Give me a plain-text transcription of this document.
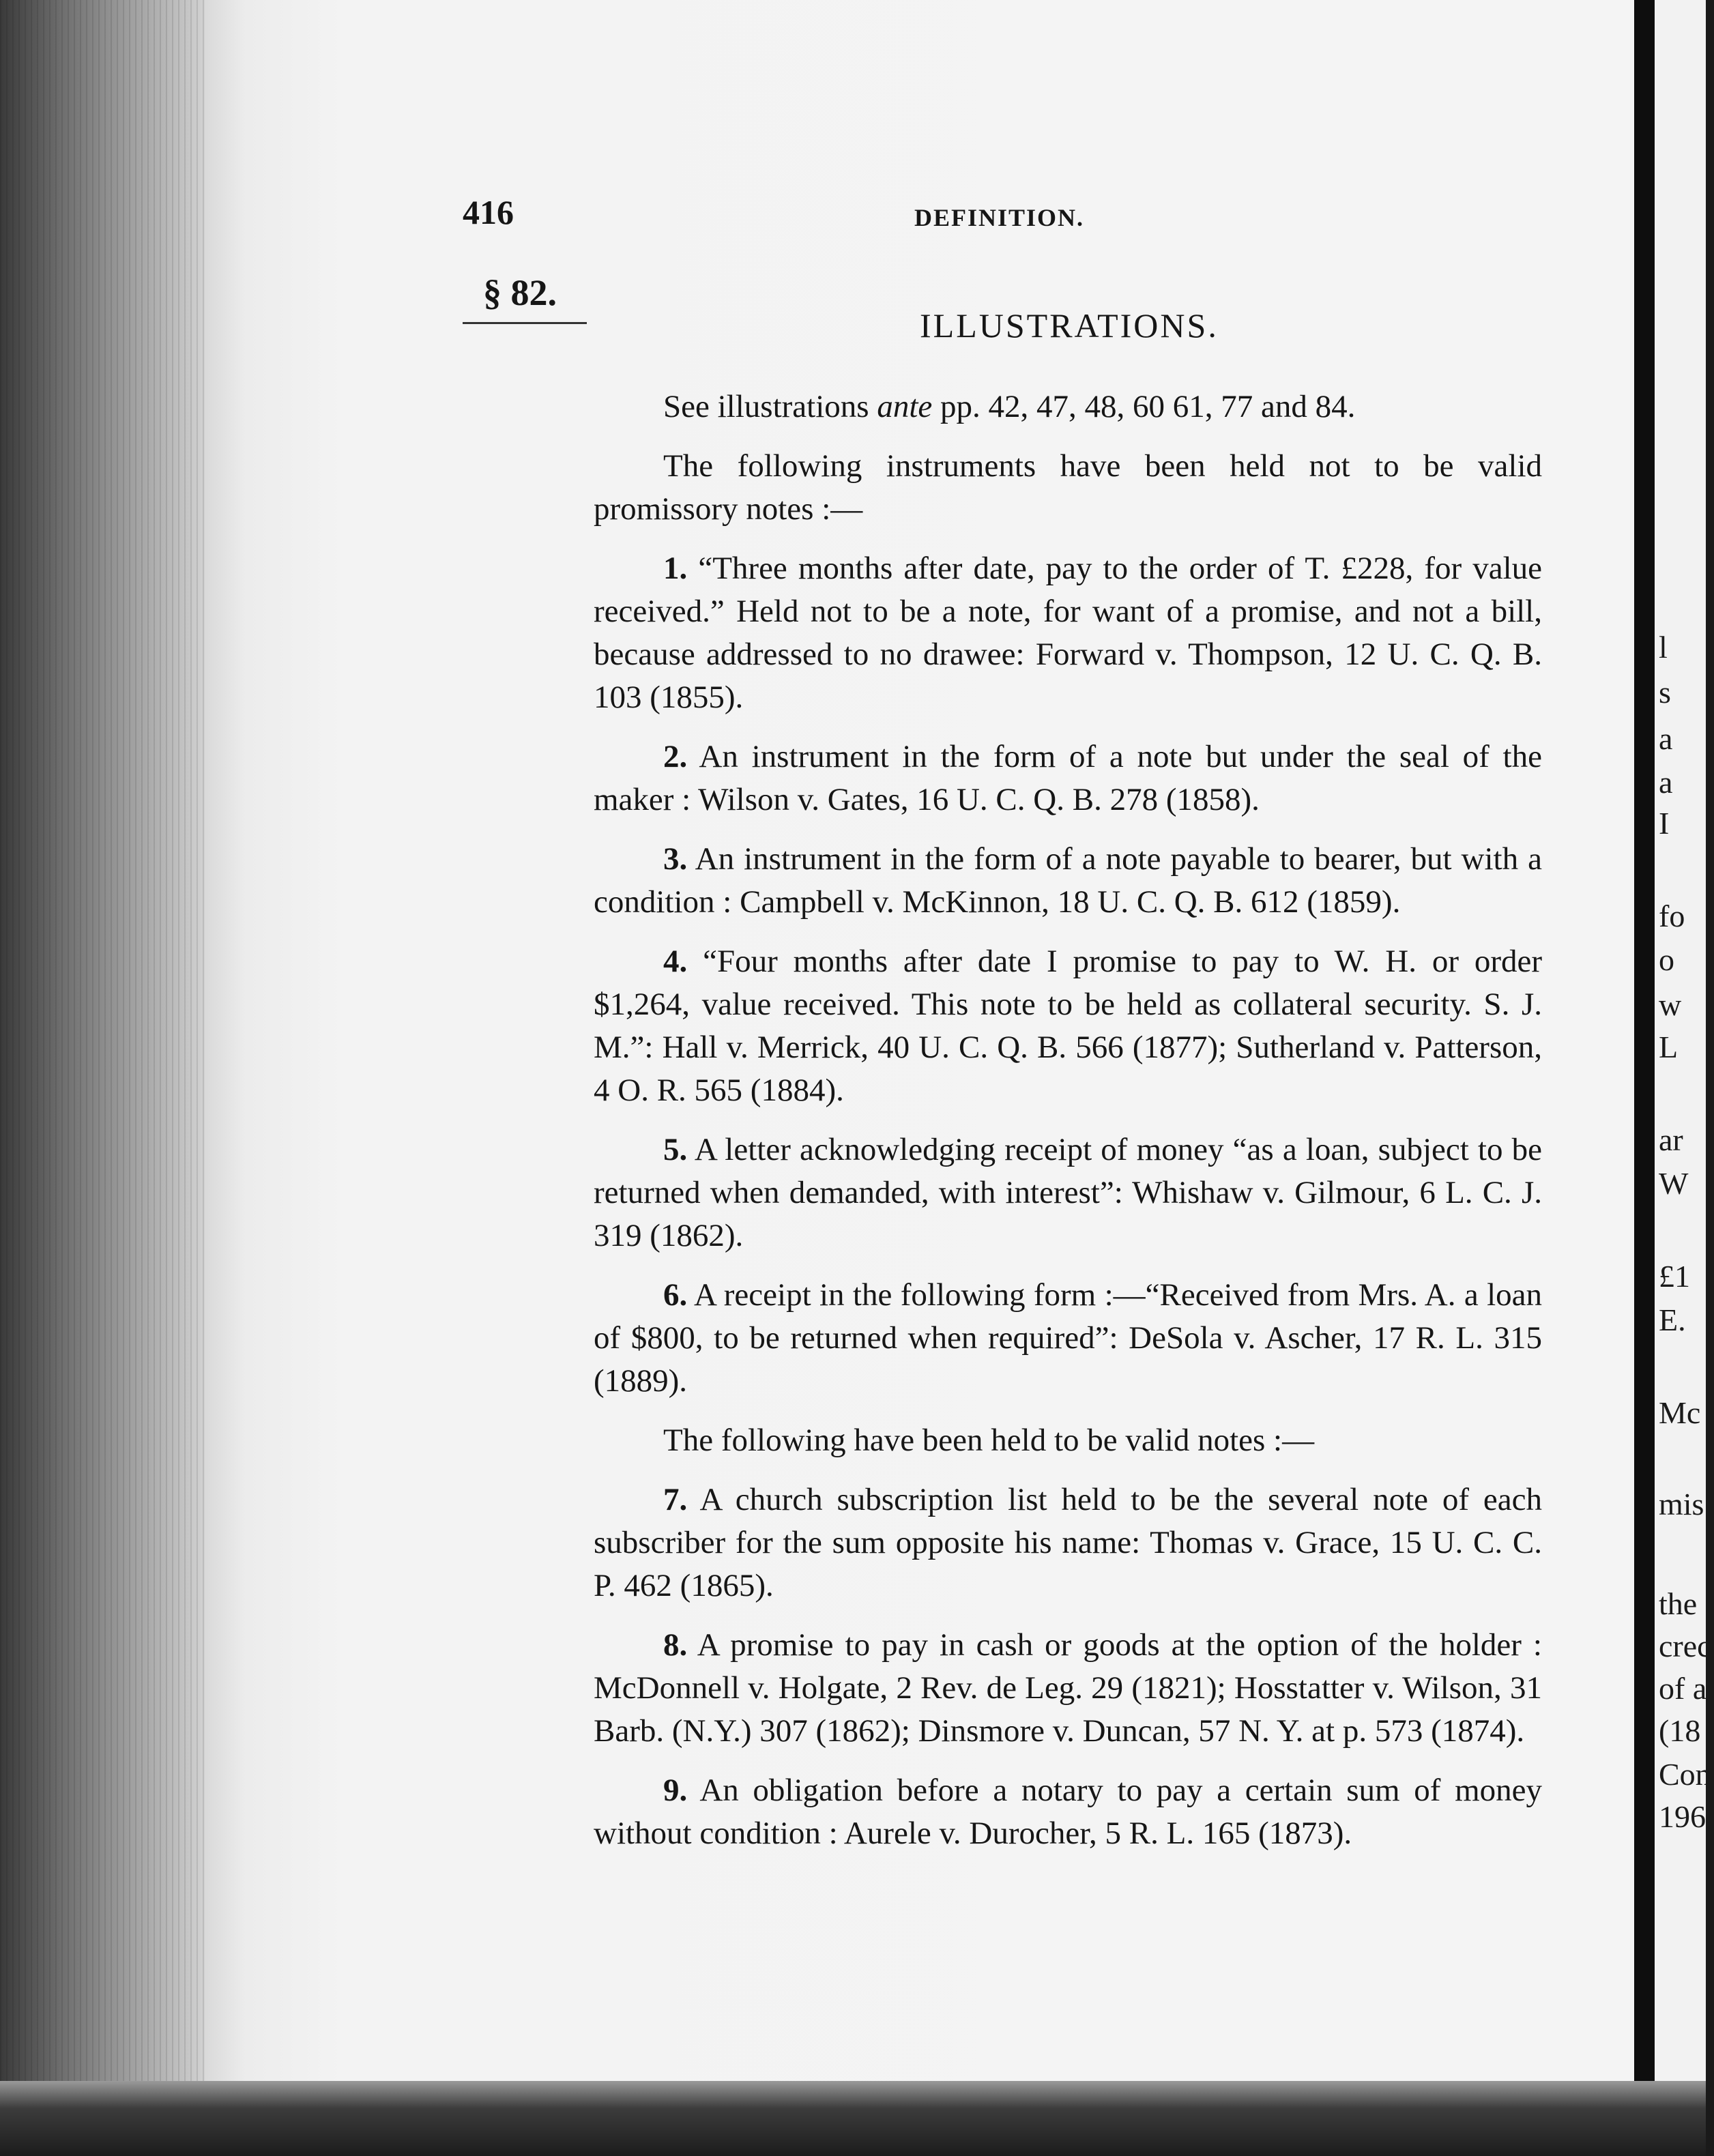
l
s
a
a
I
fo
o
w
L
ar
W
£1
E.
Mc
mis
the
crec
of a
(18
Con
196,
416	DEFINITION.
§ 82.
ILLUSTRATIONS.

See illustrations ante pp. 42, 47, 48, 60 61, 77 and 84.

The following instruments have been held not to be valid promissory notes :—

1. “Three months after date, pay to the order of T. £228, for value received.” Held not to be a note, for want of a promise, and not a bill, because addressed to no drawee: Forward v. Thompson, 12 U. C. Q. B. 103 (1855).

2. An instrument in the form of a note but under the seal of the maker : Wilson v. Gates, 16 U. C. Q. B. 278 (1858).

3. An instrument in the form of a note payable to bearer, but with a condition : Campbell v. McKinnon, 18 U. C. Q. B. 612 (1859).

4. “Four months after date I promise to pay to W. H. or order $1,264, value received. This note to be held as collateral security. S. J. M.”: Hall v. Merrick, 40 U. C. Q. B. 566 (1877); Sutherland v. Patterson, 4 O. R. 565 (1884).

5. A letter acknowledging receipt of money “as a loan, subject to be returned when demanded, with interest”: Whishaw v. Gilmour, 6 L. C. J. 319 (1862).

6. A receipt in the following form :—“Received from Mrs. A. a loan of $800, to be returned when required”: DeSola v. Ascher, 17 R. L. 315 (1889).

The following have been held to be valid notes :—

7. A church subscription list held to be the several note of each subscriber for the sum opposite his name: Thomas v. Grace, 15 U. C. C. P. 462 (1865).

8. A promise to pay in cash or goods at the option of the holder : McDonnell v. Holgate, 2 Rev. de Leg. 29 (1821); Hosstatter v. Wilson, 31 Barb. (N.Y.) 307 (1862); Dinsmore v. Duncan, 57 N. Y. at p. 573 (1874).

9. An obligation before a notary to pay a certain sum of money without condition : Aurele v. Durocher, 5 R. L. 165 (1873).
